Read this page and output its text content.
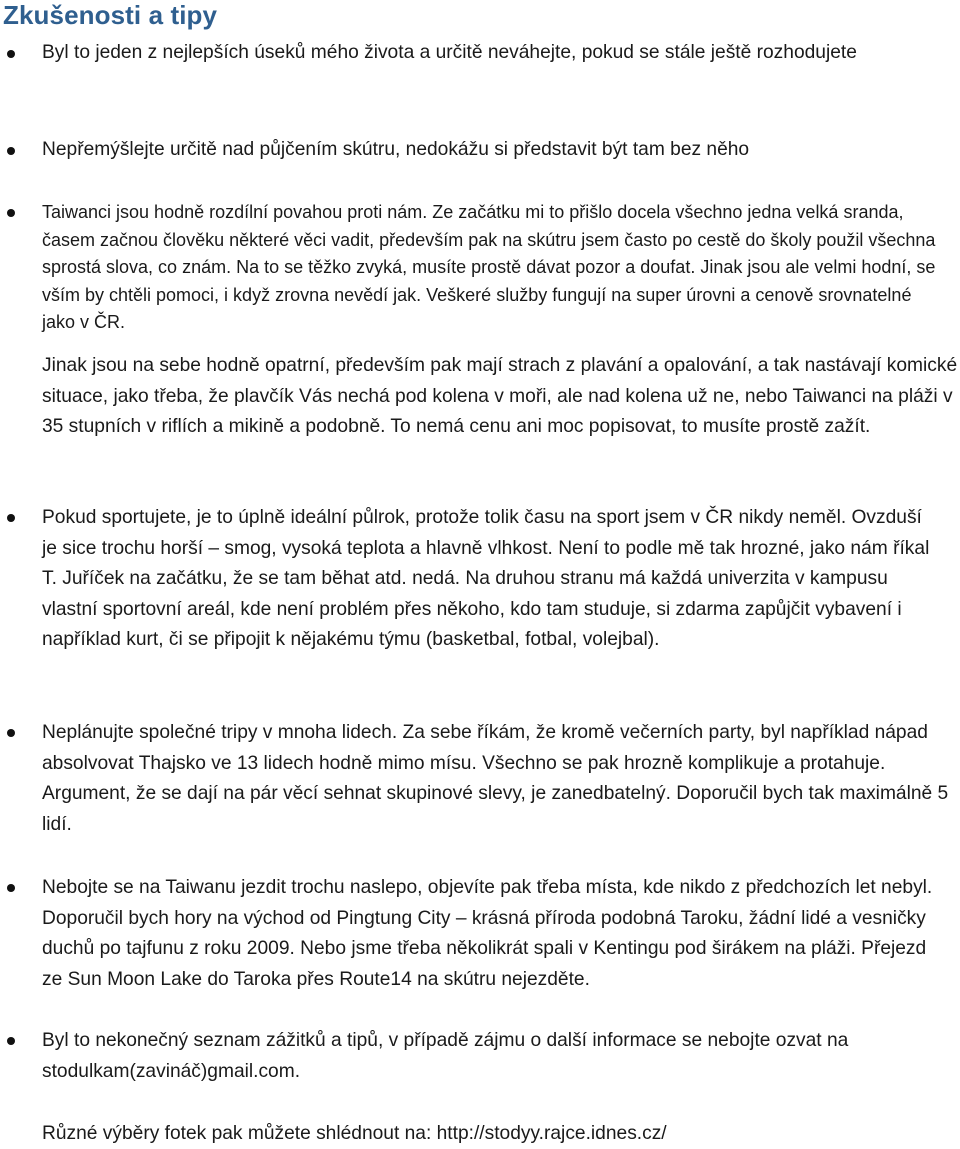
Zkušenosti a tipy

Byl to jeden z nejlepších úseků mého života a určitě neváhejte, pokud se stále ještě rozhodujete

Nepřemýšlejte určitě nad půjčením skútru, nedokážu si představit být tam bez něho

Taiwanci jsou hodně rozdílní povahou proti nám. Ze začátku mi to přišlo docela všechno jedna velká sranda, časem začnou člověku některé věci vadit, především pak na skútru jsem často po cestě do školy použil všechna sprostá slova, co znám. Na to se těžko zvyká, musíte prostě dávat pozor a doufat. Jinak jsou ale velmi hodní, se vším by chtěli pomoci, i když zrovna nevědí jak. Veškeré služby fungují na super úrovni a cenově srovnatelné jako v ČR.

Jinak jsou na sebe hodně opatrní, především pak mají strach z plavání a opalování, a tak nastávají komické situace, jako třeba, že plavčík Vás nechá pod kolena v moři, ale nad kolena už ne, nebo Taiwanci na pláži v 35 stupních v riflích a mikině a podobně. To nemá cenu ani moc popisovat, to musíte prostě zažít.

Pokud sportujete, je to úplně ideální půlrok, protože tolik času na sport jsem v ČR nikdy neměl. Ovzduší je sice trochu horší – smog, vysoká teplota a hlavně vlhkost. Není to podle mě tak hrozné, jako nám říkal T. Juříček na začátku, že se tam běhat atd. nedá. Na druhou stranu má každá univerzita v kampusu vlastní sportovní areál, kde není problém přes někoho, kdo tam studuje, si zdarma zapůjčit vybavení i například kurt, či se připojit k nějakému týmu (basketbal, fotbal, volejbal).

Neplánujte společné tripy v mnoha lidech. Za sebe říkám, že kromě večerních party, byl například nápad absolvovat Thajsko ve 13 lidech hodně mimo mísu. Všechno se pak hrozně komplikuje a protahuje. Argument, že se dají na pár věcí sehnat skupinové slevy, je zanedbatelný. Doporučil bych tak maximálně 5 lidí.

Nebojte se na Taiwanu jezdit trochu naslepo, objevíte pak třeba místa, kde nikdo z předchozích let nebyl. Doporučil bych hory na východ od Pingtung City – krásná příroda podobná Taroku, žádní lidé a vesničky duchů po tajfunu z roku 2009. Nebo jsme třeba několikrát spali v Kentingu pod širákem na pláži. Přejezd ze Sun Moon Lake do Taroka přes Route14 na skútru nejezděte.

Byl to nekonečný seznam zážitků a tipů, v případě zájmu o další informace se nebojte ozvat na stodulkam(zavináč)gmail.com.

Různé výběry fotek pak můžete shlédnout na: http://stodyy.rajce.idnes.cz/
